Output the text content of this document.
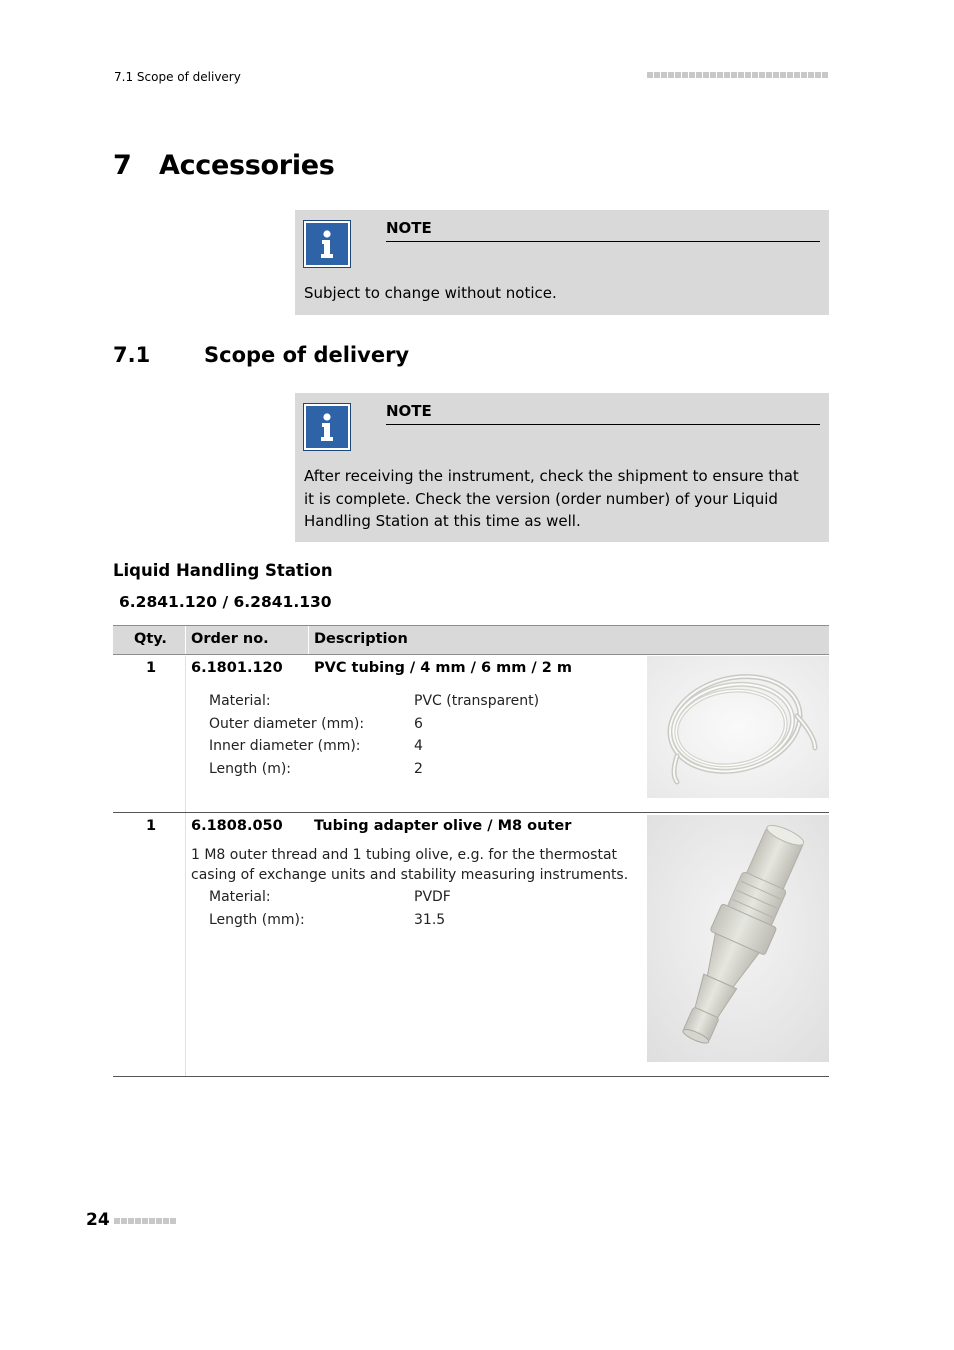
7.1 Scope of delivery
7 Accessories
NOTE
Subject to change without notice.
7.1	Scope of delivery
NOTE
After receiving the instrument, check the shipment to ensure that it is complete. Check the version (order number) of your Liquid Handling Station at this time as well.
Liquid Handling Station
6.2841.120 / 6.2841.130
Qty. Order no.	Description
1 6.1801.120 PVC tubing / 4 mm / 6 mm / 2 m
Material:	PVC (transparent)
Outer diameter (mm):	6
Inner diameter (mm):	4
Length (m):	2
1 6.1808.050 Tubing adapter olive / M8 outer
1 M8 outer thread and 1 tubing olive, e.g. for the thermostat casing of exchange units and stability measuring instruments.
Material:	PVDF
Length (mm):	31.5
24
